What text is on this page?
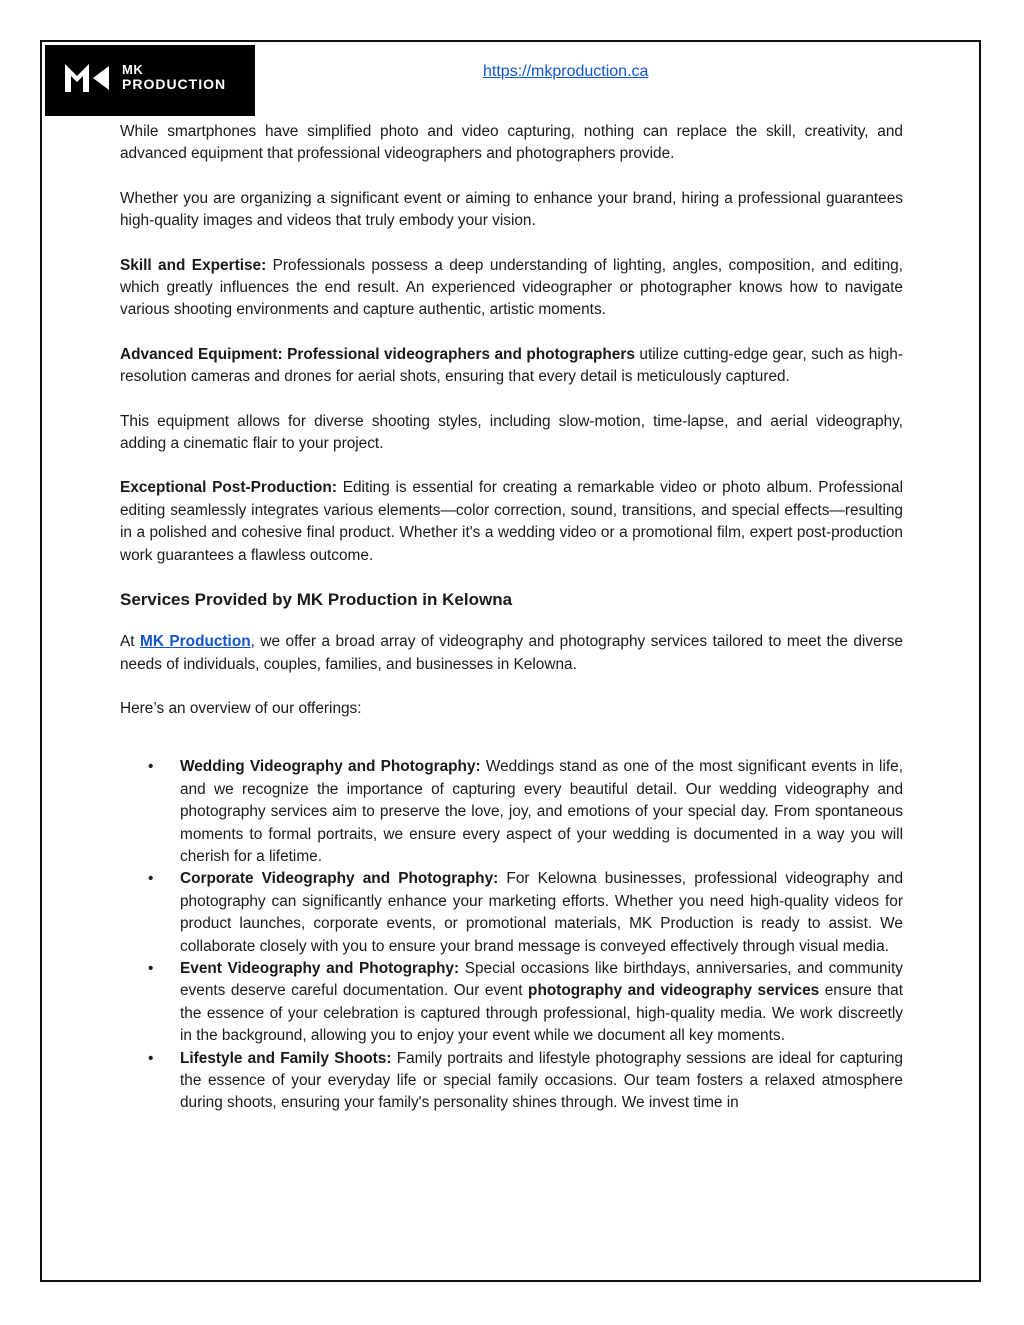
MK
PRODUCTION
https://mkproduction.ca

While smartphones have simplified photo and video capturing, nothing can replace the skill, creativity, and advanced equipment that professional videographers and photographers provide.

Whether you are organizing a significant event or aiming to enhance your brand, hiring a professional guarantees high-quality images and videos that truly embody your vision.

Skill and Expertise: Professionals possess a deep understanding of lighting, angles, composition, and editing, which greatly influences the end result. An experienced videographer or photographer knows how to navigate various shooting environments and capture authentic, artistic moments.

Advanced Equipment: Professional videographers and photographers utilize cutting-edge gear, such as high-resolution cameras and drones for aerial shots, ensuring that every detail is meticulously captured.

This equipment allows for diverse shooting styles, including slow-motion, time-lapse, and aerial videography, adding a cinematic flair to your project.

Exceptional Post-Production: Editing is essential for creating a remarkable video or photo album. Professional editing seamlessly integrates various elements—color correction, sound, transitions, and special effects—resulting in a polished and cohesive final product. Whether it's a wedding video or a promotional film, expert post-production work guarantees a flawless outcome.

Services Provided by MK Production in Kelowna

At MK Production, we offer a broad array of videography and photography services tailored to meet the diverse needs of individuals, couples, families, and businesses in Kelowna.

Here’s an overview of our offerings:

• Wedding Videography and Photography: Weddings stand as one of the most significant events in life, and we recognize the importance of capturing every beautiful detail. Our wedding videography and photography services aim to preserve the love, joy, and emotions of your special day. From spontaneous moments to formal portraits, we ensure every aspect of your wedding is documented in a way you will cherish for a lifetime.
• Corporate Videography and Photography: For Kelowna businesses, professional videography and photography can significantly enhance your marketing efforts. Whether you need high-quality videos for product launches, corporate events, or promotional materials, MK Production is ready to assist. We collaborate closely with you to ensure your brand message is conveyed effectively through visual media.
• Event Videography and Photography: Special occasions like birthdays, anniversaries, and community events deserve careful documentation. Our event photography and videography services ensure that the essence of your celebration is captured through professional, high-quality media. We work discreetly in the background, allowing you to enjoy your event while we document all key moments.
• Lifestyle and Family Shoots: Family portraits and lifestyle photography sessions are ideal for capturing the essence of your everyday life or special family occasions. Our team fosters a relaxed atmosphere during shoots, ensuring your family's personality shines through. We invest time in
